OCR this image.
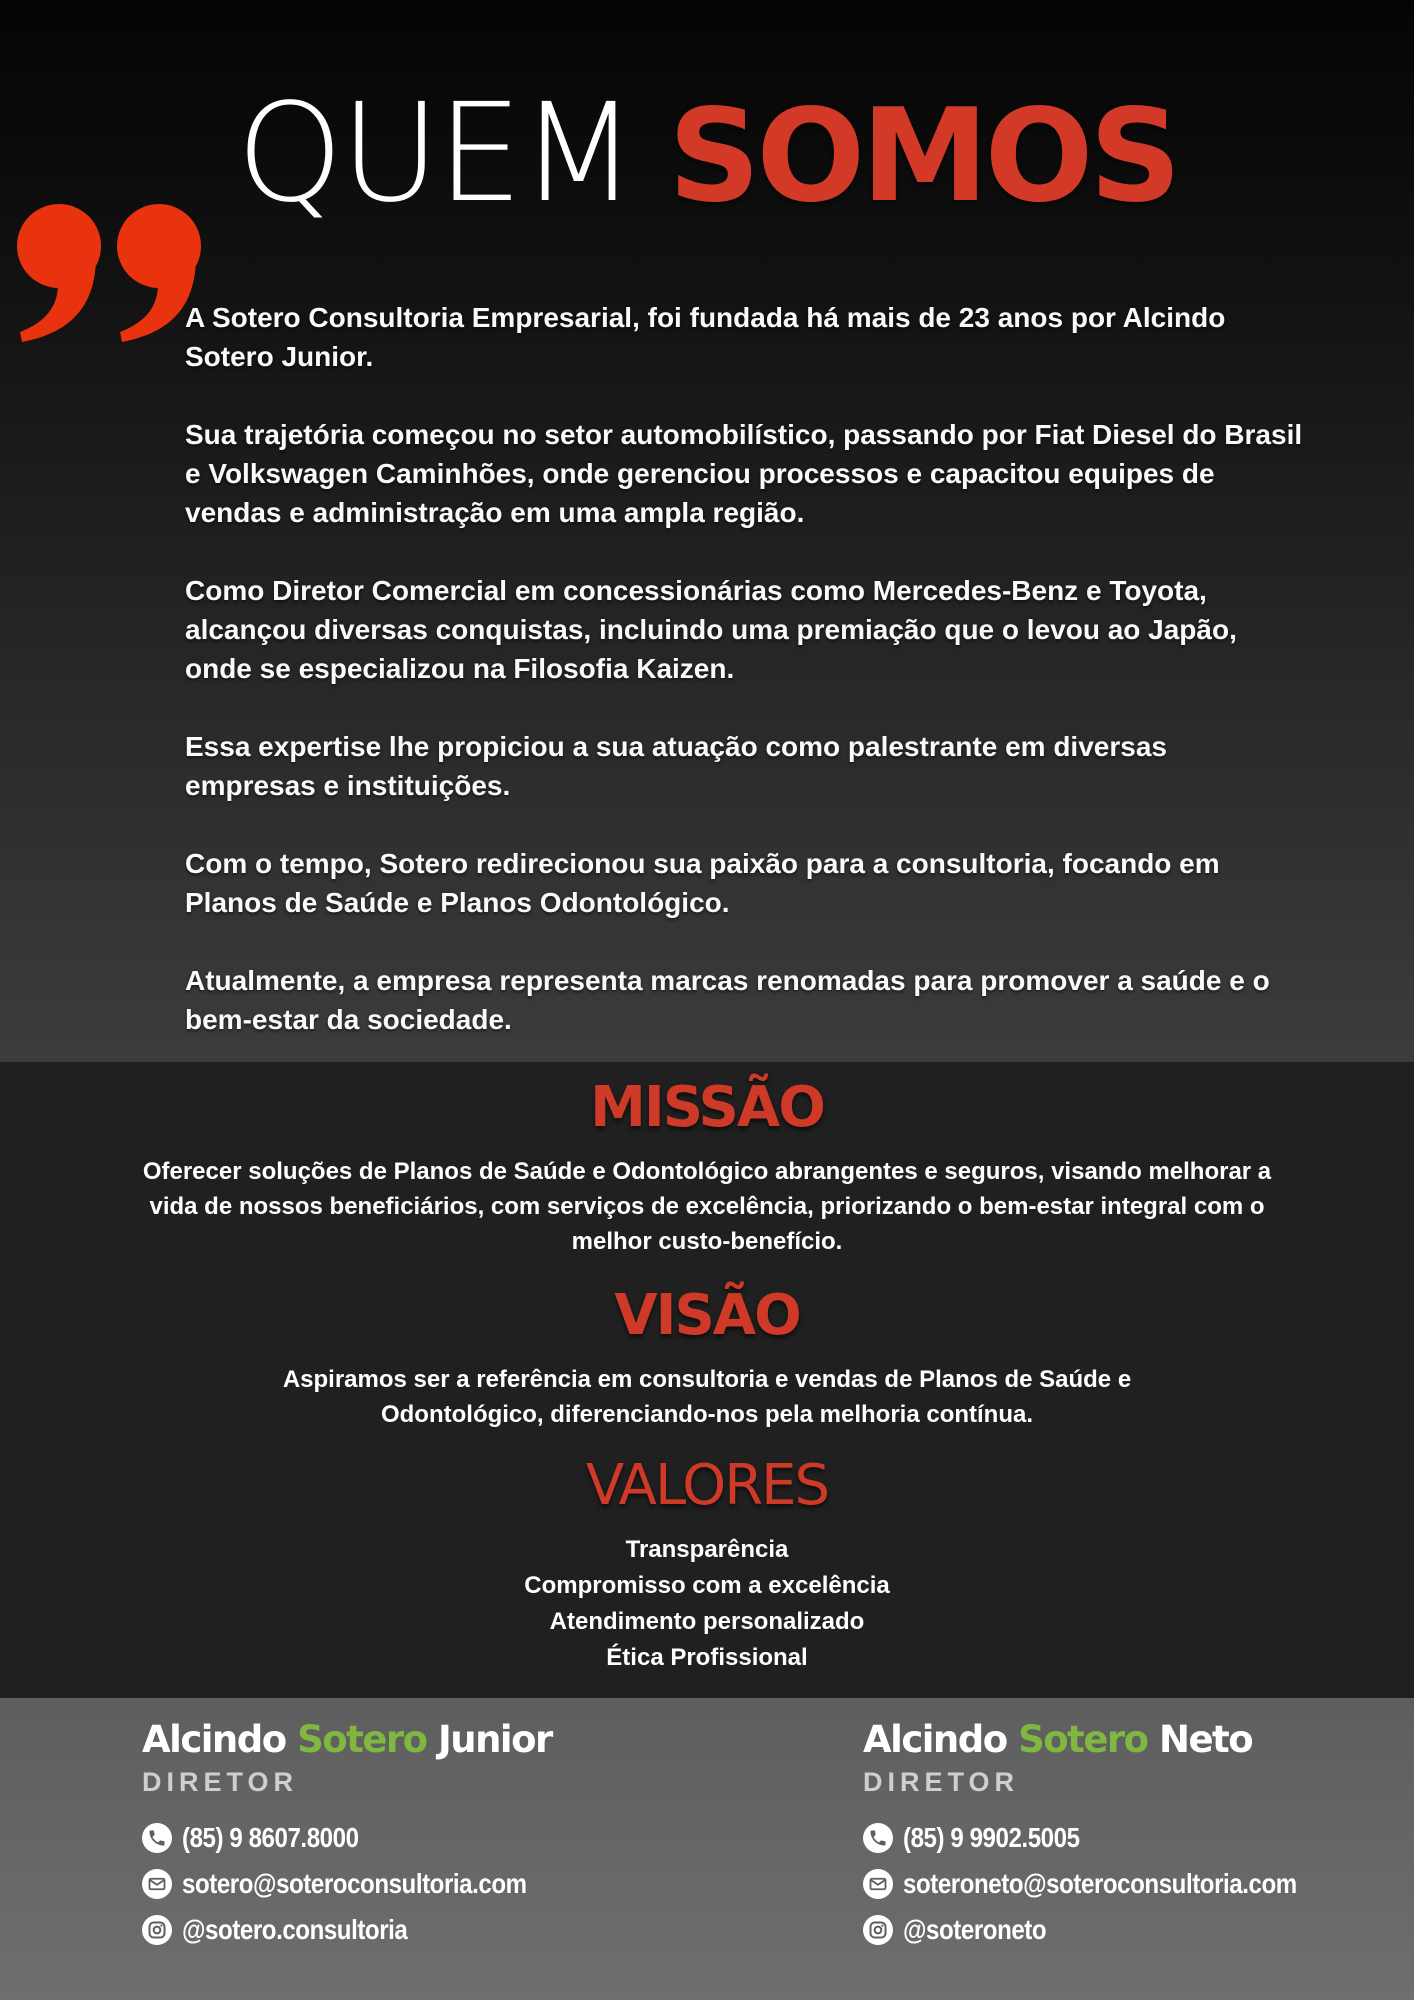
QUEM SOMOS

A Sotero Consultoria Empresarial, foi fundada há mais de 23 anos por Alcindo Sotero Junior.

Sua trajetória começou no setor automobilístico, passando por Fiat Diesel do Brasil e Volkswagen Caminhões, onde gerenciou processos e capacitou equipes de vendas e administração em uma ampla região.

Como Diretor Comercial em concessionárias como Mercedes-Benz e Toyota, alcançou diversas conquistas, incluindo uma premiação que o levou ao Japão, onde se especializou na Filosofia Kaizen.

Essa expertise lhe propiciou a sua atuação como palestrante em diversas empresas e instituições.

Com o tempo, Sotero redirecionou sua paixão para a consultoria, focando em Planos de Saúde e Planos Odontológico.

Atualmente, a empresa representa marcas renomadas para promover a saúde e o bem-estar da sociedade.

MISSÃO
Oferecer soluções de Planos de Saúde e Odontológico abrangentes e seguros, visando melhorar a vida de nossos beneficiários, com serviços de excelência, priorizando o bem-estar integral com o melhor custo-benefício.
VISÃO
Aspiramos ser a referência em consultoria e vendas de Planos de Saúde e Odontológico, diferenciando-nos pela melhoria contínua.
VALORES
Transparência
Compromisso com a excelência
Atendimento personalizado
Ética Profissional
Alcindo Sotero Junior
DIRETOR
(85) 9 8607.8000
sotero@soteroconsultoria.com
@sotero.consultoria
Alcindo Sotero Neto
DIRETOR
(85) 9 9902.5005
soteroneto@soteroconsultoria.com
@soteroneto
